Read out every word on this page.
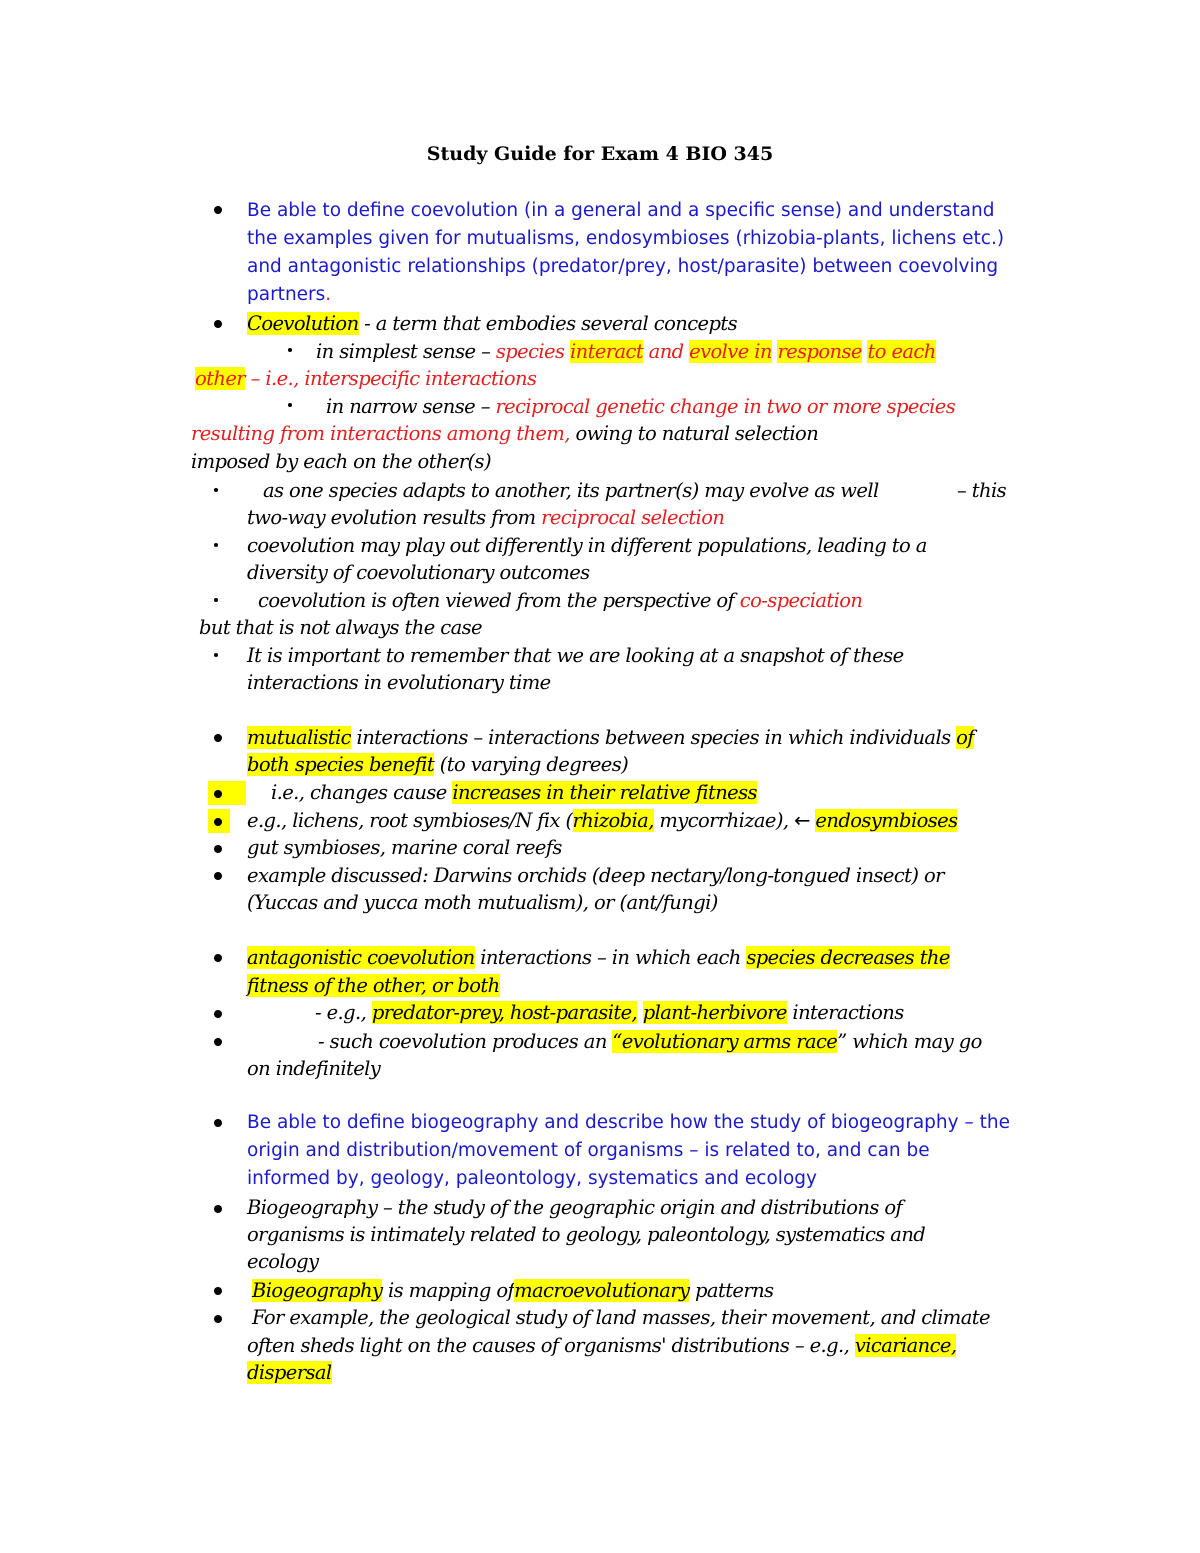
Study Guide for Exam 4 BIO 345
Be able to define coevolution (in a general and a specific sense) and understand
the examples given for mutualisms, endosymbioses (rhizobia-plants, lichens etc.)
and antagonistic relationships (predator/prey, host/parasite) between coevolving
partners.
Coevolution - a term that embodies several concepts
in simplest sense – species interact and evolve in response to each
other – i.e., interspecific interactions
in narrow sense – reciprocal genetic change in two or more species
resulting from interactions among them, owing to natural selection
imposed by each on the other(s)
as one species adapts to another, its partner(s) may evolve as well	– this
two-way evolution results from reciprocal selection
coevolution may play out differently in different populations, leading to a
diversity of coevolutionary outcomes
coevolution is often viewed from the perspective of co-speciation
but that is not always the case
It is important to remember that we are looking at a snapshot of these
interactions in evolutionary time
mutualistic interactions – interactions between species in which individuals of
both species benefit (to varying degrees)
i.e., changes cause increases in their relative fitness
e.g., lichens, root symbioses/N fix (rhizobia, mycorrhizae), ← endosymbioses
gut symbioses, marine coral reefs
example discussed: Darwins orchids (deep nectary/long-tongued insect) or
(Yuccas and yucca moth mutualism), or (ant/fungi)
antagonistic coevolution interactions – in which each species decreases the
fitness of the other, or both
- e.g., predator-prey, host-parasite, plant-herbivore interactions
- such coevolution produces an “evolutionary arms race” which may go
on indefinitely
Be able to define biogeography and describe how the study of biogeography – the
origin and distribution/movement of organisms – is related to, and can be
informed by, geology, paleontology, systematics and ecology
Biogeography – the study of the geographic origin and distributions of
organisms is intimately related to geology, paleontology, systematics and
ecology
Biogeography is mapping ofmacroevolutionary patterns
For example, the geological study of land masses, their movement, and climate
often sheds light on the causes of organisms' distributions – e.g., vicariance,
dispersal
